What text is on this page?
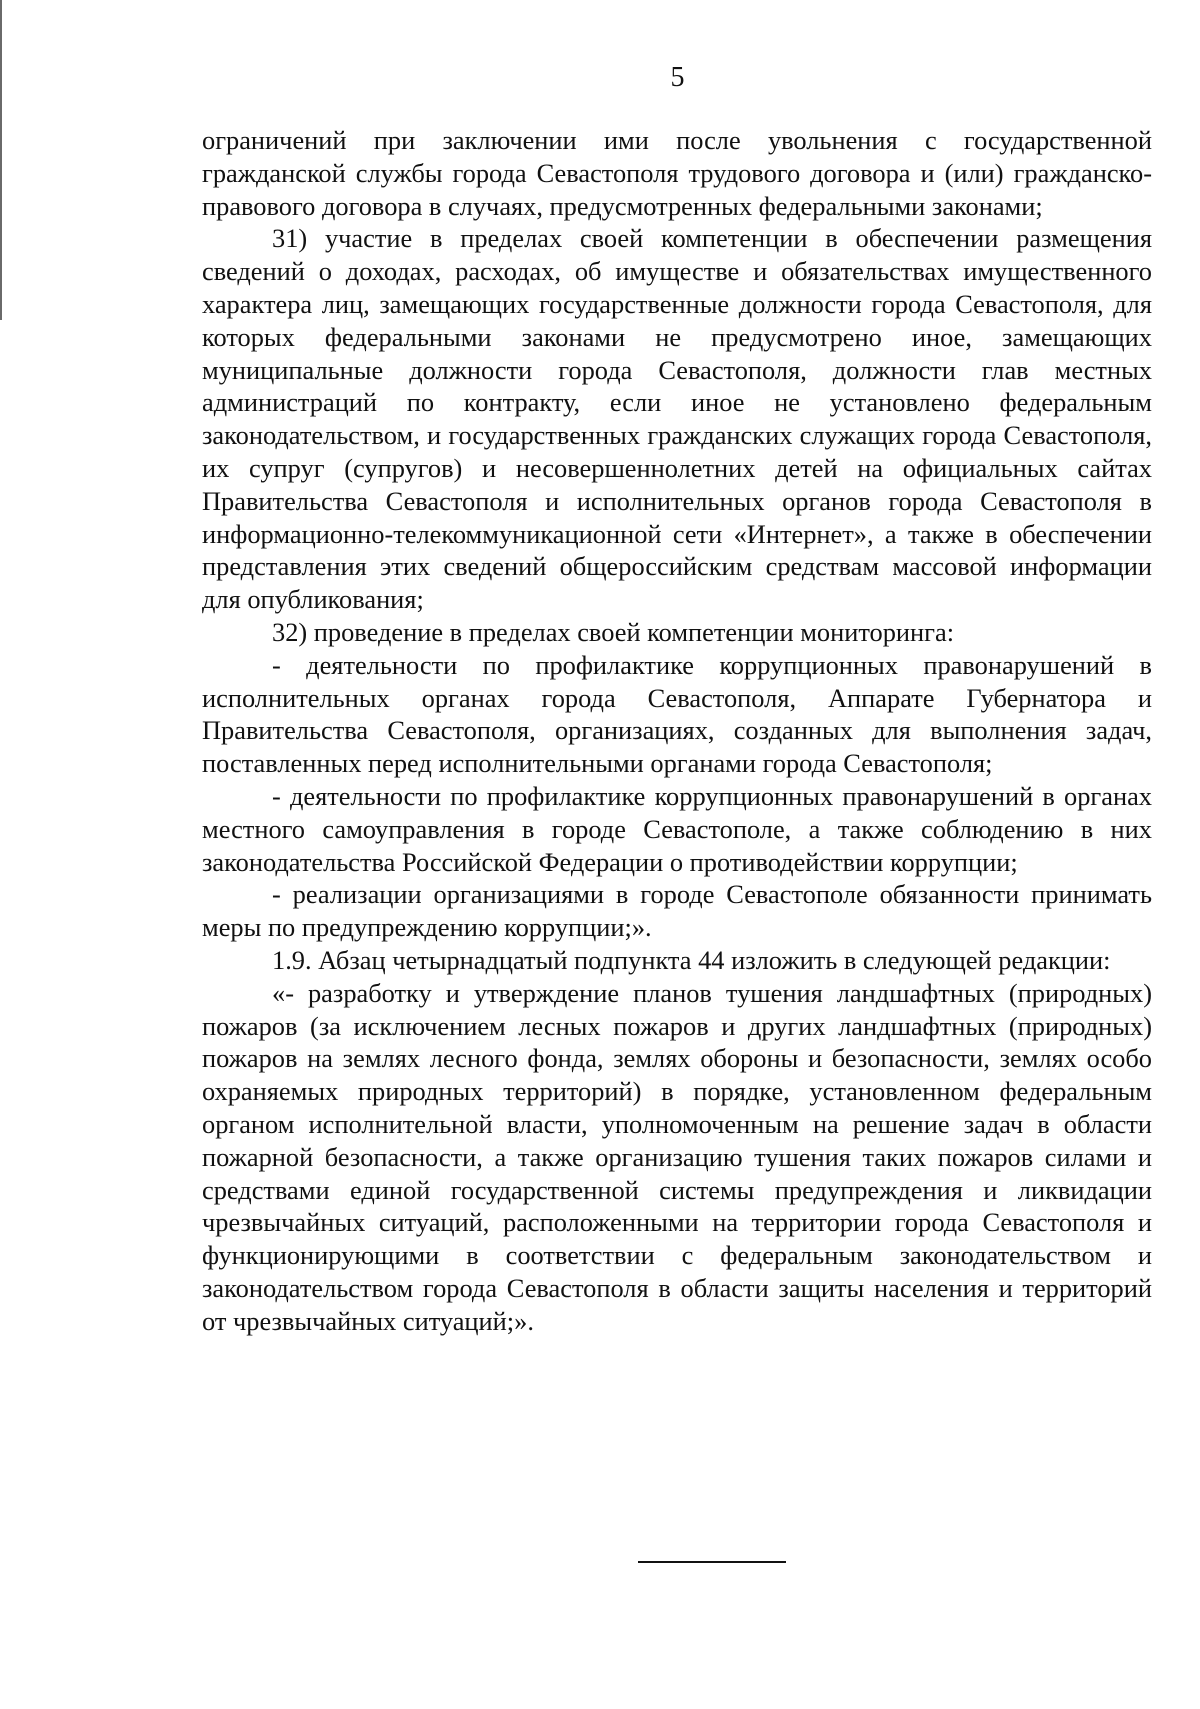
5

ограничений при заключении ими после увольнения с государственной гражданской службы города Севастополя трудового договора и (или) гражданско-правового договора в случаях, предусмотренных федеральными законами;

31) участие в пределах своей компетенции в обеспечении размещения сведений о доходах, расходах, об имуществе и обязательствах имущественного характера лиц, замещающих государственные должности города Севастополя, для которых федеральными законами не предусмотрено иное, замещающих муниципальные должности города Севастополя, должности глав местных администраций по контракту, если иное не установлено федеральным законодательством, и государственных гражданских служащих города Севастополя, их супруг (супругов) и несовершеннолетних детей на официальных сайтах Правительства Севастополя и исполнительных органов города Севастополя в информационно-телекоммуникационной сети «Интернет», а также в обеспечении представления этих сведений общероссийским средствам массовой информации для опубликования;

32) проведение в пределах своей компетенции мониторинга:

- деятельности по профилактике коррупционных правонарушений в исполнительных органах города Севастополя, Аппарате Губернатора и Правительства Севастополя, организациях, созданных для выполнения задач, поставленных перед исполнительными органами города Севастополя;

- деятельности по профилактике коррупционных правонарушений в органах местного самоуправления в городе Севастополе, а также соблюдению в них законодательства Российской Федерации о противодействии коррупции;

- реализации организациями в городе Севастополе обязанности принимать меры по предупреждению коррупции;».

1.9. Абзац четырнадцатый подпункта 44 изложить в следующей редакции:

«- разработку и утверждение планов тушения ландшафтных (природных) пожаров (за исключением лесных пожаров и других ландшафтных (природных) пожаров на землях лесного фонда, землях обороны и безопасности, землях особо охраняемых природных территорий) в порядке, установленном федеральным органом исполнительной власти, уполномоченным на решение задач в области пожарной безопасности, а также организацию тушения таких пожаров силами и средствами единой государственной системы предупреждения и ликвидации чрезвычайных ситуаций, расположенными на территории города Севастополя и функционирующими в соответствии с федеральным законодательством и законодательством города Севастополя в области защиты населения и территорий от чрезвычайных ситуаций;».
